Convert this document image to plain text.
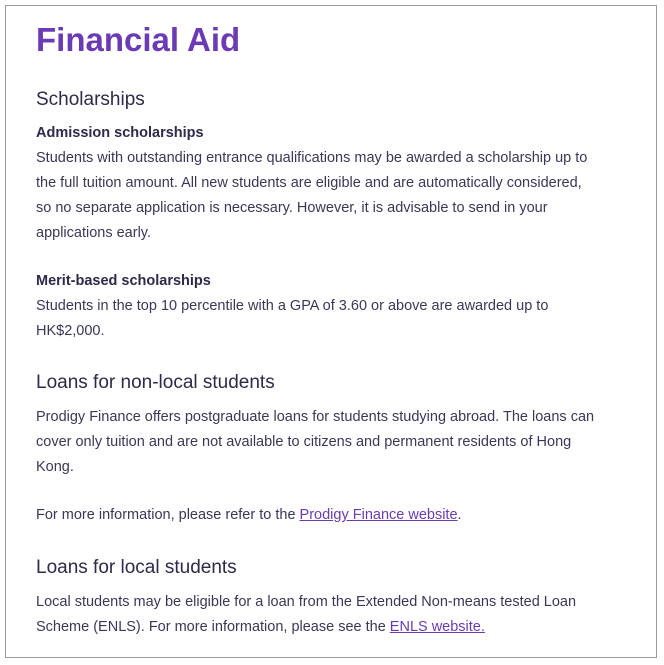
Financial Aid
Scholarships
Admission scholarships

Students with outstanding entrance qualifications may be awarded a scholarship up to
the full tuition amount. All new students are eligible and are automatically considered,
so no separate application is necessary. However, it is advisable to send in your
applications early.

Merit-based scholarships

Students in the top 10 percentile with a GPA of 3.60 or above are awarded up to
HK$2,000.

Loans for non-local students

Prodigy Finance offers postgraduate loans for students studying abroad. The loans can
cover only tuition and are not available to citizens and permanent residents of Hong
Kong.

For more information, please refer to the Prodigy Finance website.

Loans for local students

Local students may be eligible for a loan from the Extended Non-means tested Loan
Scheme (ENLS). For more information, please see the ENLS website.
